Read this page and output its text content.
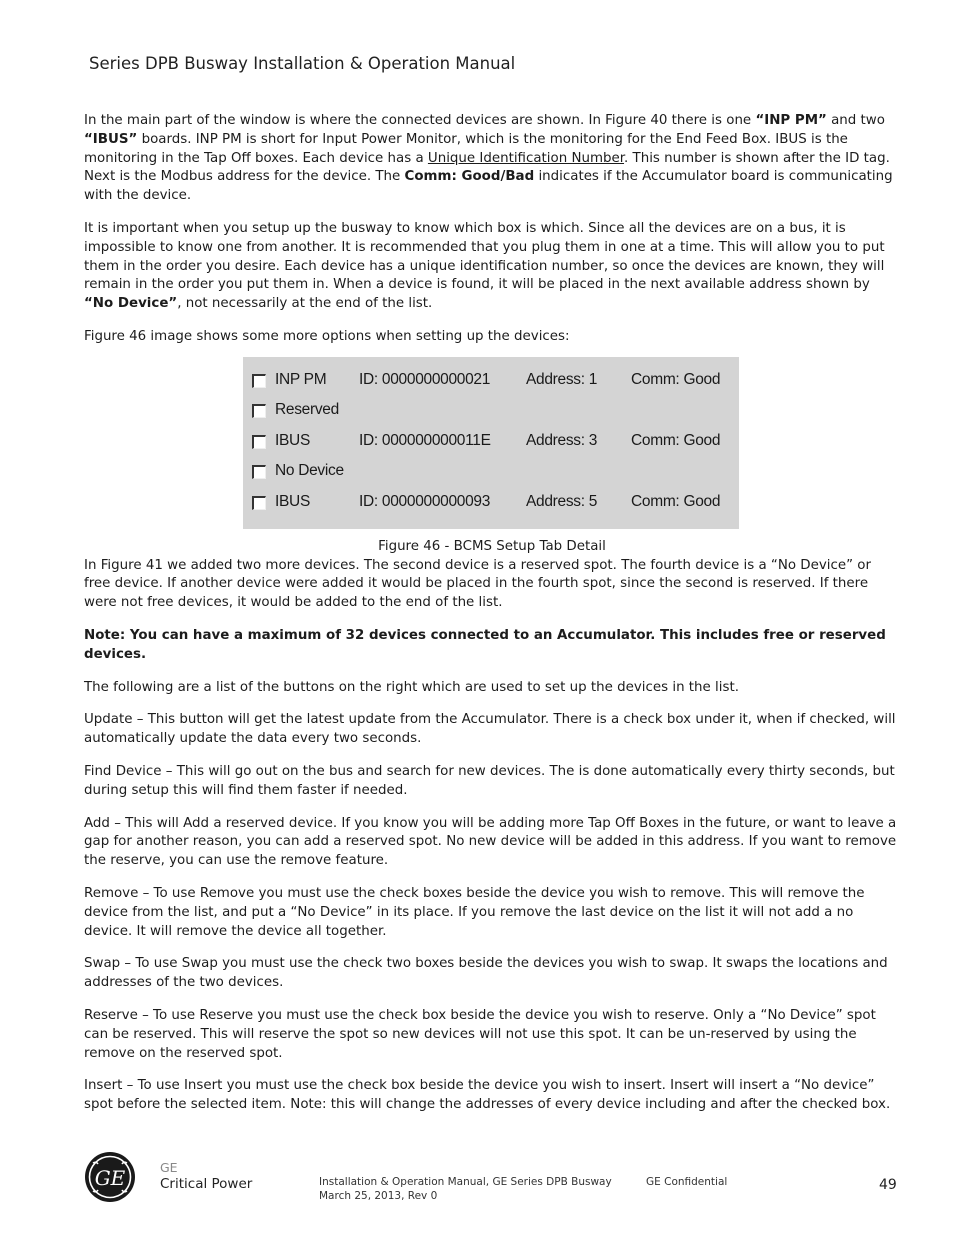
Series DPB Busway Installation & Operation Manual

In the main part of the window is where the connected devices are shown. In Figure 40 there is one “INP PM” and two “IBUS” boards. INP PM is short for Input Power Monitor, which is the monitoring for the End Feed Box. IBUS is the monitoring in the Tap Off boxes. Each device has a Unique Identification Number. This number is shown after the ID tag. Next is the Modbus address for the device. The Comm: Good/Bad indicates if the Accumulator board is communicating with the device.

It is important when you setup up the busway to know which box is which. Since all the devices are on a bus, it is impossible to know one from another. It is recommended that you plug them in one at a time. This will allow you to put them in the order you desire. Each device has a unique identification number, so once the devices are known, they will remain in the order you put them in. When a device is found, it will be placed in the next available address shown by “No Device”, not necessarily at the end of the list.

Figure 46 image shows some more options when setting up the devices:

INP PM ID: 0000000000021 Address: 1 Comm: Good
Reserved
IBUS	ID: 000000000011E Address: 3 Comm: Good
No Device
IBUS	ID: 0000000000093 Address: 5 Comm: Good
Figure 46 - BCMS Setup Tab Detail

In Figure 41 we added two more devices. The second device is a reserved spot. The fourth device is a “No Device” or free device. If another device were added it would be placed in the fourth spot, since the second is reserved. If there were not free devices, it would be added to the end of the list.

Note: You can have a maximum of 32 devices connected to an Accumulator. This includes free or reserved devices.

The following are a list of the buttons on the right which are used to set up the devices in the list.

Update – This button will get the latest update from the Accumulator. There is a check box under it, when if checked, will automatically update the data every two seconds.

Find Device – This will go out on the bus and search for new devices. The is done automatically every thirty seconds, but during setup this will find them faster if needed.

Add – This will Add a reserved device. If you know you will be adding more Tap Off Boxes in the future, or want to leave a gap for another reason, you can add a reserved spot. No new device will be added in this address. If you want to remove the reserve, you can use the remove feature.

Remove – To use Remove you must use the check boxes beside the device you wish to remove. This will remove the device from the list, and put a “No Device” in its place. If you remove the last device on the list it will not add a no device. It will remove the device all together.

Swap – To use Swap you must use the check two boxes beside the devices you wish to swap. It swaps the locations and addresses of the two devices.

Reserve – To use Reserve you must use the check box beside the device you wish to reserve. Only a “No Device” spot can be reserved. This will reserve the spot so new devices will not use this spot. It can be un-reserved by using the remove on the reserved spot.

Insert – To use Insert you must use the check box beside the device you wish to insert. Insert will insert a “No device” spot before the selected item. Note: this will change the addresses of every device including and after the checked box.

GE	GE
Critical Power	Installation & Operation Manual, GE Series DPB Busway
March 25, 2013, Rev 0
GE Confidential	49
